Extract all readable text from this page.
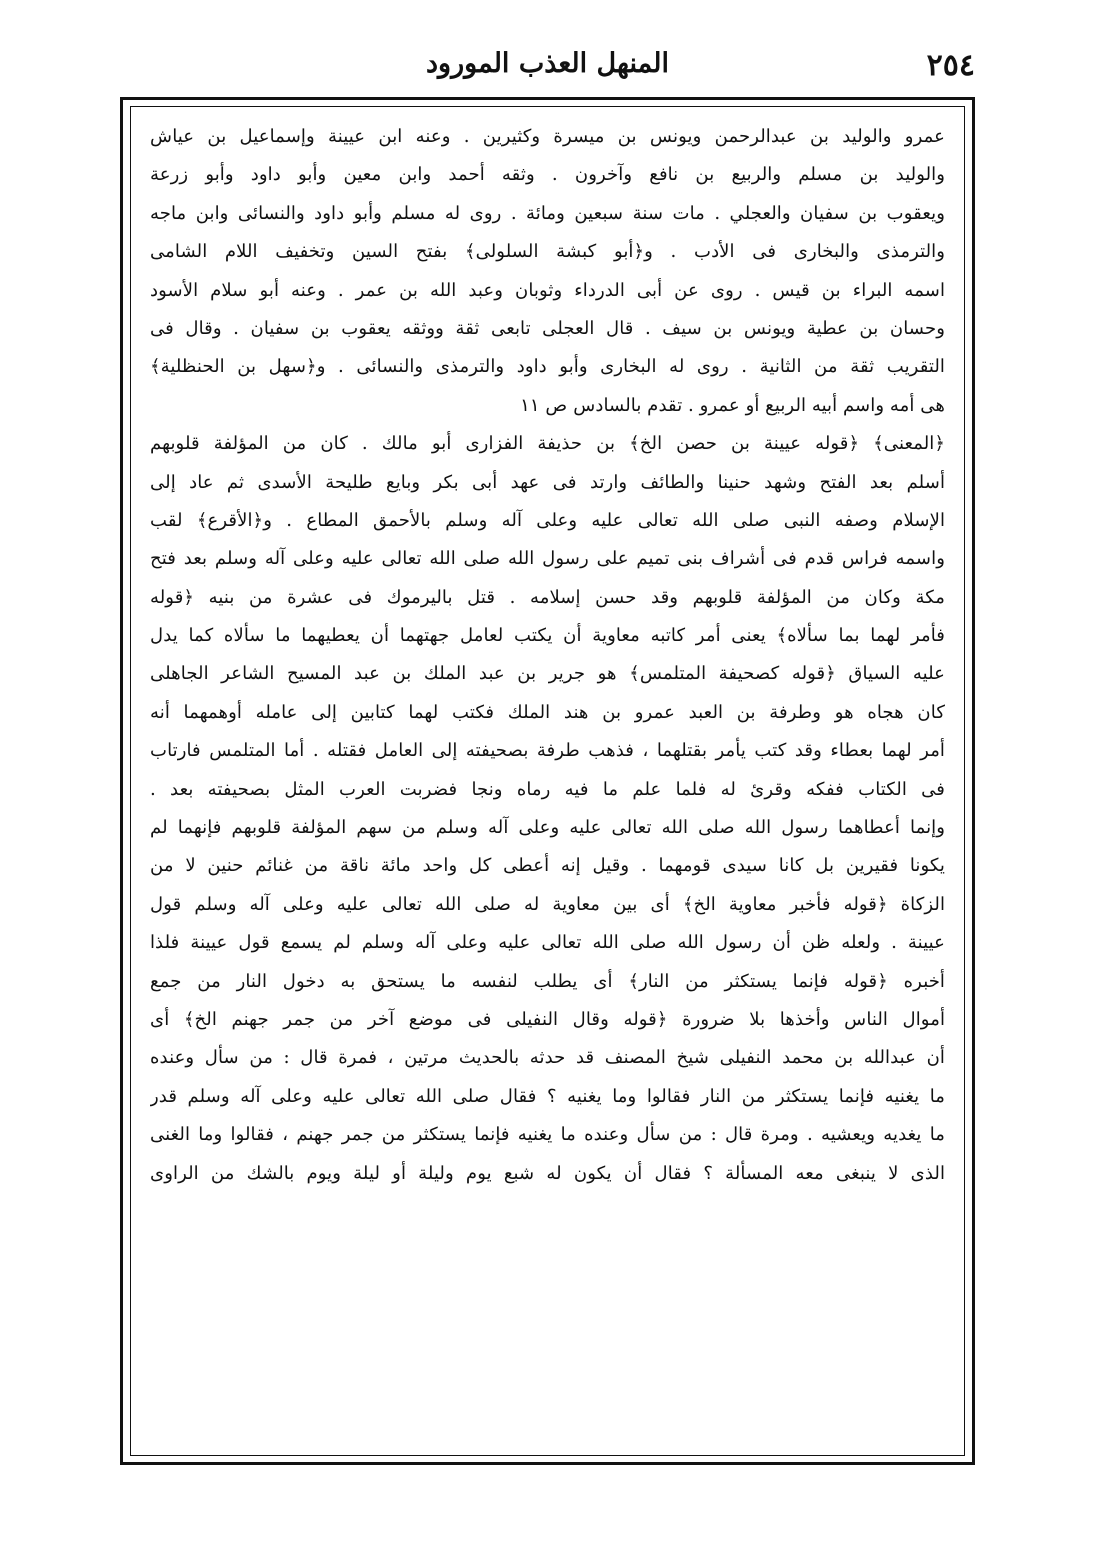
٢٥٤
المنهل العذب المورود
عمرو والوليد بن عبدالرحمن ويونس بن ميسرة وكثيرين . وعنه ابن عيينة وإسماعيل بن عياش
والوليد بن مسلم والربيع بن نافع وآخرون . وثقه أحمد وابن معين وأبو داود وأبو زرعة
ويعقوب بن سفيان والعجلي . مات سنة سبعين ومائة . روى له مسلم وأبو داود والنسائى وابن ماجه
والترمذى والبخارى فى الأدب . و﴿أبو كبشة السلولى﴾ بفتح السين وتخفيف اللام الشامى
اسمه البراء بن قيس . روى عن أبى الدرداء وثوبان وعبد الله بن عمر . وعنه أبو سلام الأسود
وحسان بن عطية ويونس بن سيف . قال العجلى تابعى ثقة ووثقه يعقوب بن سفيان . وقال فى
التقريب ثقة من الثانية . روى له البخارى وأبو داود والترمذى والنسائى . و﴿سهل بن الحنظلية﴾
هى أمه واسم أبيه الربيع أو عمرو . تقدم بالسادس ص ١١
﴿المعنى﴾ ﴿قوله عيينة بن حصن الخ﴾ بن حذيفة الفزارى أبو مالك . كان من المؤلفة قلوبهم
أسلم بعد الفتح وشهد حنينا والطائف وارتد فى عهد أبى بكر وبايع طليحة الأسدى ثم عاد إلى
الإسلام وصفه النبى صلى الله تعالى عليه وعلى آله وسلم بالأحمق المطاع . و﴿الأقرع﴾ لقب
واسمه فراس قدم فى أشراف بنى تميم على رسول الله صلى الله تعالى عليه وعلى آله وسلم بعد فتح
مكة وكان من المؤلفة قلوبهم وقد حسن إسلامه . قتل باليرموك فى عشرة من بنيه ﴿قوله
فأمر لهما بما سألاه﴾ يعنى أمر كاتبه معاوية أن يكتب لعامل جهتهما أن يعطيهما ما سألاه كما يدل
عليه السياق ﴿قوله كصحيفة المتلمس﴾ هو جرير بن عبد الملك بن عبد المسيح الشاعر الجاهلى
كان هجاه هو وطرفة بن العبد عمرو بن هند الملك فكتب لهما كتابين إلى عامله أوهمهما أنه
أمر لهما بعطاء وقد كتب يأمر بقتلهما ، فذهب طرفة بصحيفته إلى العامل فقتله . أما المتلمس فارتاب
فى الكتاب ففكه وقرئ له فلما علم ما فيه رماه ونجا فضربت العرب المثل بصحيفته بعد .
وإنما أعطاهما رسول الله صلى الله تعالى عليه وعلى آله وسلم من سهم المؤلفة قلوبهم فإنهما لم
يكونا فقيرين بل كانا سيدى قومهما . وقيل إنه أعطى كل واحد مائة ناقة من غنائم حنين لا من
الزكاة ﴿قوله فأخبر معاوية الخ﴾ أى بين معاوية له صلى الله تعالى عليه وعلى آله وسلم قول
عيينة . ولعله ظن أن رسول الله صلى الله تعالى عليه وعلى آله وسلم لم يسمع قول عيينة فلذا
أخبره ﴿قوله فإنما يستكثر من النار﴾ أى يطلب لنفسه ما يستحق به دخول النار من جمع
أموال الناس وأخذها بلا ضرورة ﴿قوله وقال النفيلى فى موضع آخر من جمر جهنم الخ﴾ أى
أن عبدالله بن محمد النفيلى شيخ المصنف قد حدثه بالحديث مرتين ، فمرة قال : من سأل وعنده
ما يغنيه فإنما يستكثر من النار فقالوا وما يغنيه ؟ فقال صلى الله تعالى عليه وعلى آله وسلم قدر
ما يغديه ويعشيه . ومرة قال : من سأل وعنده ما يغنيه فإنما يستكثر من جمر جهنم ، فقالوا وما الغنى
الذى لا ينبغى معه المسألة ؟ فقال أن يكون له شبع يوم وليلة أو ليلة ويوم بالشك من الراوى
